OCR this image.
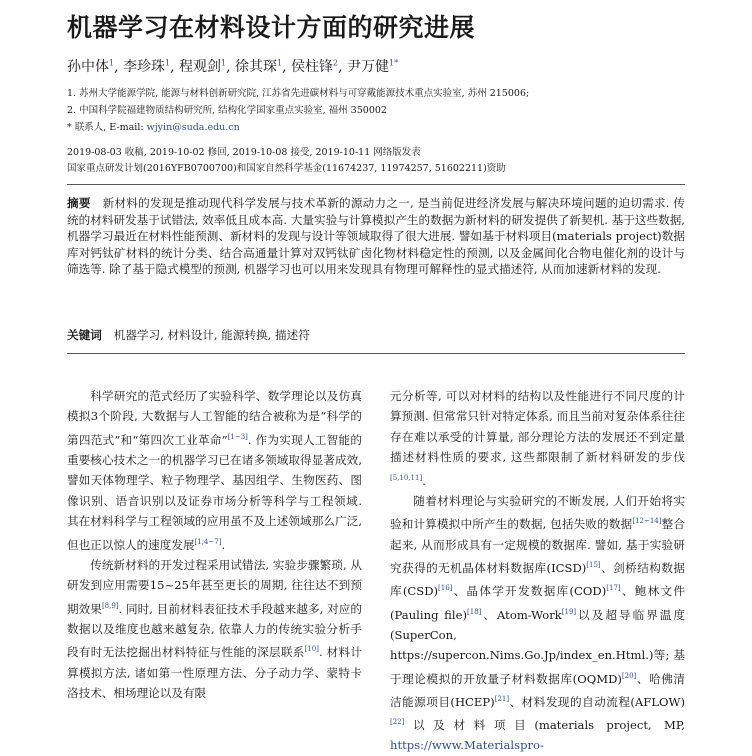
机器学习在材料设计方面的研究进展
孙中体$^1$, 李珍珠$^1$, 程观剑$^1$, 徐其琛$^1$, 侯柱锋$^2$, 尹万健$^{1*}$
1. 苏州大学能源学院, 能源与材料创新研究院, 江苏省先进碳材料与可穿戴能源技术重点实验室, 苏州 215006;
2. 中国科学院福建物质结构研究所, 结构化学国家重点实验室, 福州 350002
* 联系人, E-mail: wjyin@suda.edu.cn
2019-08-03 收稿, 2019-10-02 修回, 2019-10-08 接受, 2019-10-11 网络版发表
国家重点研发计划(2016YFB0700700)和国家自然科学基金(11674237, 11974257, 51602211)资助
摘要 新材料的发现是推动现代科学发展与技术革新的源动力之一, 是当前促进经济发展与解决环境问题的迫切需求. 传统的材料研发基于试错法, 效率低且成本高. 大量实验与计算模拟产生的数据为新材料的研发提供了新契机. 基于这些数据, 机器学习最近在材料性能预测、新材料的发现与设计等领域取得了很大进展. 譬如基于材料项目(materials project)数据库对钙钛矿材料的统计分类、结合高通量计算对双钙钛矿卤化物材料稳定性的预测, 以及金属间化合物电催化剂的设计与筛选等. 除了基于隐式模型的预测, 机器学习也可以用来发现具有物理可解释性的显式描述符, 从而加速新材料的发现.
关键词 机器学习, 材料设计, 能源转换, 描述符

科学研究的范式经历了实验科学、数学理论以及仿真模拟3个阶段, 大数据与人工智能的结合被称为是“科学的第四范式”和“第四次工业革命”[1~3]. 作为实现人工智能的重要核心技术之一的机器学习已在诸多领域取得显著成效, 譬如天体物理学、粒子物理学、基因组学、生物医药、图像识别、语音识别以及证券市场分析等科学与工程领域. 其在材料科学与工程领域的应用虽不及上述领域那么广泛, 但也正以惊人的速度发展[1,4~7].

传统新材料的开发过程采用试错法, 实验步骤繁琐, 从研发到应用需要15~25年甚至更长的周期, 往往达不到预期效果[8,9]. 同时, 目前材料表征技术手段越来越多, 对应的数据以及维度也越来越复杂, 依靠人力的传统实验分析手段有时无法挖掘出材料特征与性能的深层联系[10]. 材料计算模拟方法, 诸如第一性原理方法、分子动力学、蒙特卡洛技术、相场理论以及有限

元分析等, 可以对材料的结构以及性能进行不同尺度的计算预测. 但常常只针对特定体系, 而且当前对复杂体系往往存在难以承受的计算量, 部分理论方法的发展还不到定量描述材料性质的要求, 这些都限制了新材料研发的步伐[5,10,11].

随着材料理论与实验研究的不断发展, 人们开始将实验和计算模拟中所产生的数据, 包括失败的数据[12~14]整合起来, 从而形成具有一定规模的数据库. 譬如, 基于实验研究获得的无机晶体材料数据库(ICSD)[15]、剑桥结构数据库(CSD)[16]、晶体学开发数据库(COD)[17]、鲍林文件(Pauling file)[18]、Atom-Work[19]以及超导临界温度(SuperCon, https://supercon.Nims.Go.Jp/index_en.Html.)等; 基于理论模拟的开放量子材料数据库(OQMD)[20]、哈佛清洁能源项目(HCEP)[21]、材料发现的自动流程(AFLOW)[22]以及材料项目(materials project, MP, https://www.Materialspro-
